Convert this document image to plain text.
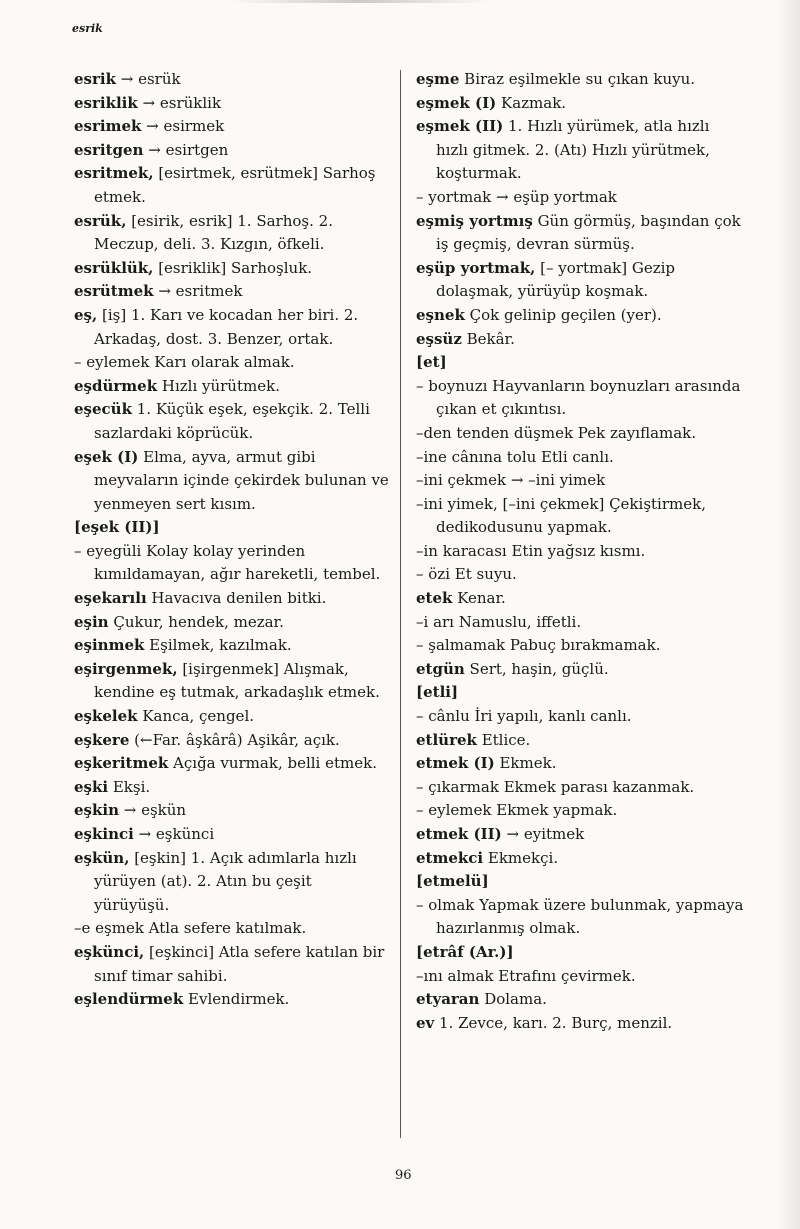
esrik

esrik → esrük

esriklik → esrüklik

esrimek → esirmek

esritgen → esirtgen

esritmek, [esirtmek, esrütmek] Sarhoş etmek.

esrük, [esirik, esrik] 1. Sarhoş. 2. Meczup, deli. 3. Kızgın, öfkeli.

esrüklük, [esriklik] Sarhoşluk.

esrütmek → esritmek

eş, [iş] 1. Karı ve kocadan her biri. 2. Arkadaş, dost. 3. Benzer, ortak.

– eylemek Karı olarak almak.

eşdürmek Hızlı yürütmek.

eşecük 1. Küçük eşek, eşekçik. 2. Telli sazlardaki köprücük.

eşek (I) Elma, ayva, armut gibi meyvaların içinde çekirdek bulunan ve yenmeyen sert kısım.

[eşek (II)]

– eyegüli Kolay kolay yerinden kımıldamayan, ağır hareketli, tembel.

eşekarılı Havacıva denilen bitki.

eşin Çukur, hendek, mezar.

eşinmek Eşilmek, kazılmak.

eşirgenmek, [işirgenmek] Alışmak, kendine eş tutmak, arkadaşlık etmek.

eşkelek Kanca, çengel.

eşkere (←Far. âşkârâ) Aşikâr, açık.

eşkeritmek Açığa vurmak, belli etmek.

eşki Ekşi.

eşkin → eşkün

eşkinci → eşkünci

eşkün, [eşkin] 1. Açık adımlarla hızlı yürüyen (at). 2. Atın bu çeşit yürüyüşü.

–e eşmek Atla sefere katılmak.

eşkünci, [eşkinci] Atla sefere katılan bir sınıf timar sahibi.

eşlendürmek Evlendirmek.

eşme Biraz eşilmekle su çıkan kuyu.

eşmek (I) Kazmak.

eşmek (II) 1. Hızlı yürümek, atla hızlı hızlı gitmek. 2. (Atı) Hızlı yürütmek, koşturmak.

– yortmak → eşüp yortmak

eşmiş yortmış Gün görmüş, başından çok iş geçmiş, devran sürmüş.

eşüp yortmak, [– yortmak] Gezip dolaşmak, yürüyüp koşmak.

eşnek Çok gelinip geçilen (yer).

eşsüz Bekâr.

[et]

– boynuzı Hayvanların boynuzları arasında çıkan et çıkıntısı.

–den tenden düşmek Pek zayıflamak.

–ine cânına tolu Etli canlı.

–ini çekmek → –ini yimek

–ini yimek, [–ini çekmek] Çekiştirmek, dedikodusunu yapmak.

–in karacası Etin yağsız kısmı.

– özi Et suyu.

etek Kenar.

–i arı Namuslu, iffetli.

– şalmamak Pabuç bırakmamak.

etgün Sert, haşin, güçlü.

[etli]

– cânlu İri yapılı, kanlı canlı.

etlürek Etlice.

etmek (I) Ekmek.

– çıkarmak Ekmek parası kazanmak.

– eylemek Ekmek yapmak.

etmek (II) → eyitmek

etmekci Ekmekçi.

[etmelü]

– olmak Yapmak üzere bulunmak, yapmaya hazırlanmış olmak.

[etrâf (Ar.)]

–ını almak Etrafını çevirmek.

etyaran Dolama.

ev 1. Zevce, karı. 2. Burç, menzil.

96
